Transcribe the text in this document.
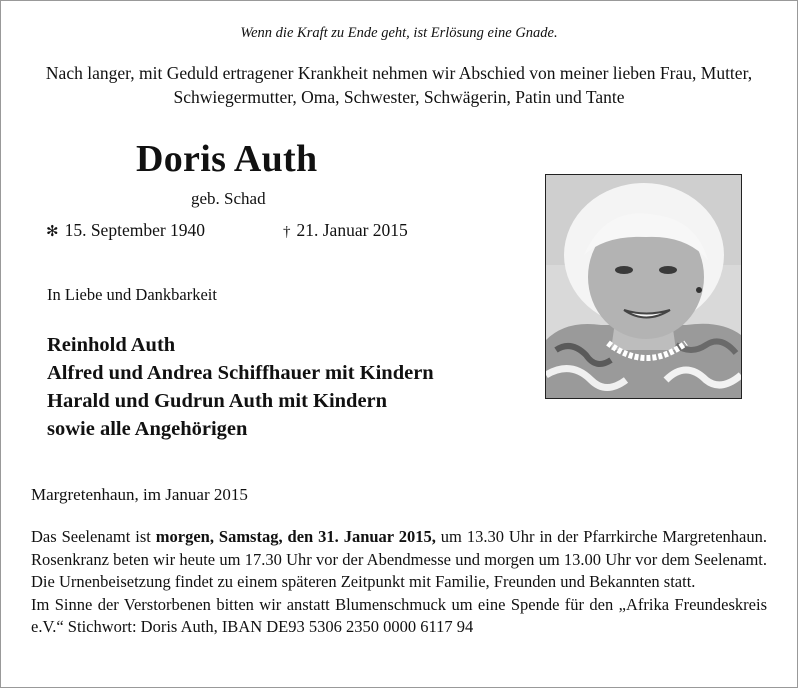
Wenn die Kraft zu Ende geht, ist Erlösung eine Gnade.
Nach langer, mit Geduld ertragener Krankheit nehmen wir Abschied von meiner lieben Frau, Mutter, Schwiegermutter, Oma, Schwester, Schwägerin, Patin und Tante
Doris Auth
geb. Schad
✻ 15. September 1940	† 21. Januar 2015
In Liebe und Dankbarkeit
Reinhold Auth
Alfred und Andrea Schiffhauer mit Kindern
Harald und Gudrun Auth mit Kindern
sowie alle Angehörigen
Margretenhaun, im Januar 2015

Das Seelenamt ist morgen, Samstag, den 31. Januar 2015, um 13.30 Uhr in der Pfarrkirche Margretenhaun. Rosenkranz beten wir heute um 17.30 Uhr vor der Abendmesse und morgen um 13.00 Uhr vor dem Seelenamt. Die Urnenbeisetzung findet zu einem späteren Zeitpunkt mit Familie, Freunden und Bekannten statt.

Im Sinne der Verstorbenen bitten wir anstatt Blumenschmuck um eine Spende für den „Afrika Freundeskreis e.V.“ Stichwort: Doris Auth, IBAN DE93 5306 2350 0000 6117 94
